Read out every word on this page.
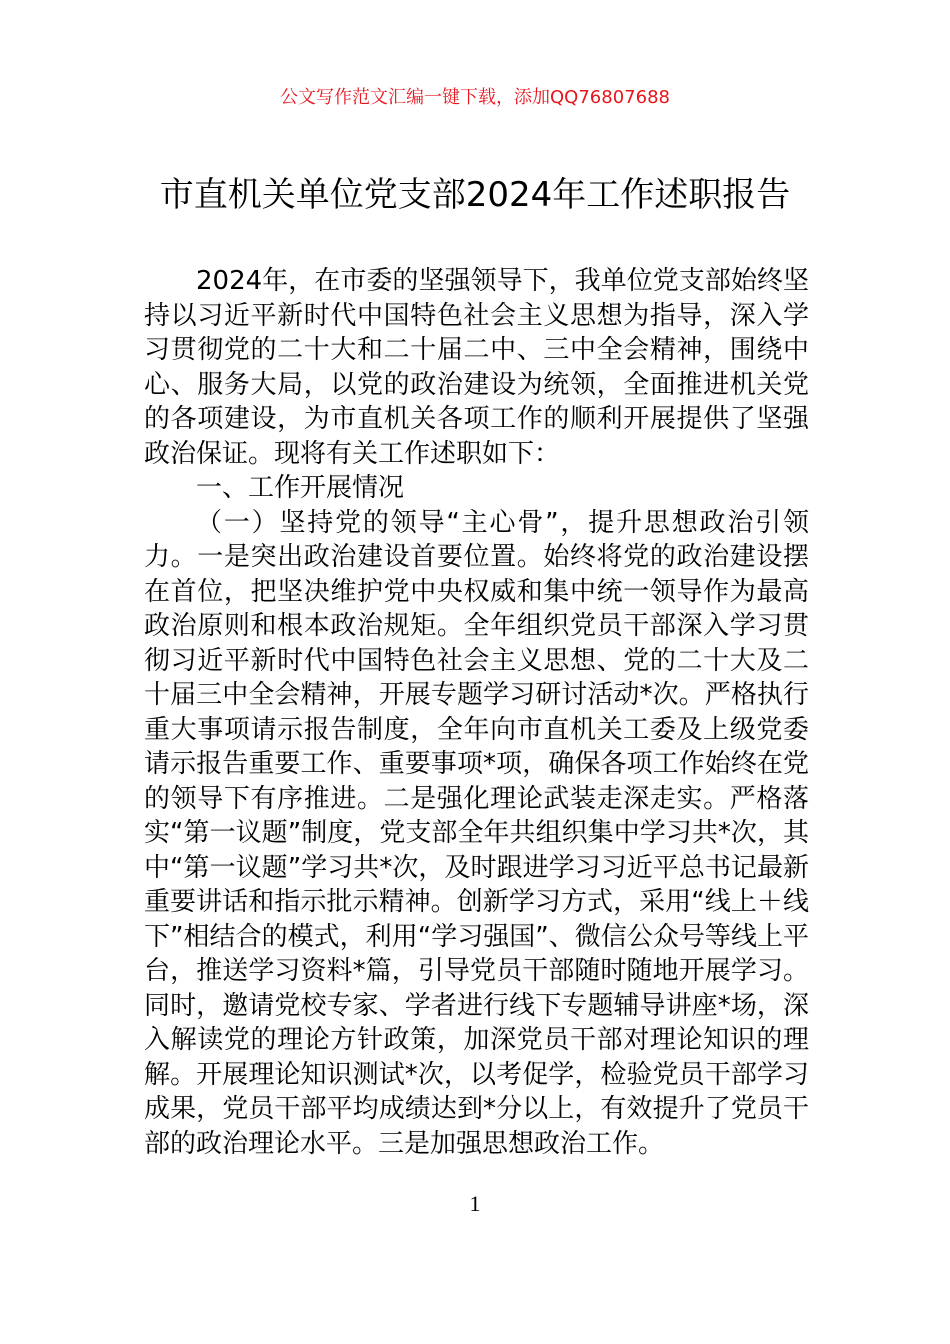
公文写作范文汇编一键下载，添加QQ76807688
市直机关单位党支部2024年工作述职报告

2024年，在市委的坚强领导下，我单位党支部始终坚持以习近平新时代中国特色社会主义思想为指导，深入学习贯彻党的二十大和二十届二中、三中全会精神，围绕中心、服务大局，以党的政治建设为统领，全面推进机关党的各项建设，为市直机关各项工作的顺利开展提供了坚强政治保证。现将有关工作述职如下：

一、工作开展情况

（一）坚持党的领导“主心骨”，提升思想政治引领力。一是突出政治建设首要位置。始终将党的政治建设摆在首位，把坚决维护党中央权威和集中统一领导作为最高政治原则和根本政治规矩。全年组织党员干部深入学习贯彻习近平新时代中国特色社会主义思想、党的二十大及二十届三中全会精神，开展专题学习研讨活动*次。严格执行重大事项请示报告制度，全年向市直机关工委及上级党委请示报告重要工作、重要事项*项，确保各项工作始终在党的领导下有序推进。二是强化理论武装走深走实。严格落实“第一议题”制度，党支部全年共组织集中学习共*次，其中“第一议题”学习共*次，及时跟进学习习近平总书记最新重要讲话和指示批示精神。创新学习方式，采用“线上＋线下”相结合的模式，利用“学习强国”、微信公众号等线上平台，推送学习资料*篇，引导党员干部随时随地开展学习。同时，邀请党校专家、学者进行线下专题辅导讲座*场，深入解读党的理论方针政策，加深党员干部对理论知识的理解。开展理论知识测试*次，以考促学，检验党员干部学习成果，党员干部平均成绩达到*分以上，有效提升了党员干部的政治理论水平。三是加强思想政治工作。

1
